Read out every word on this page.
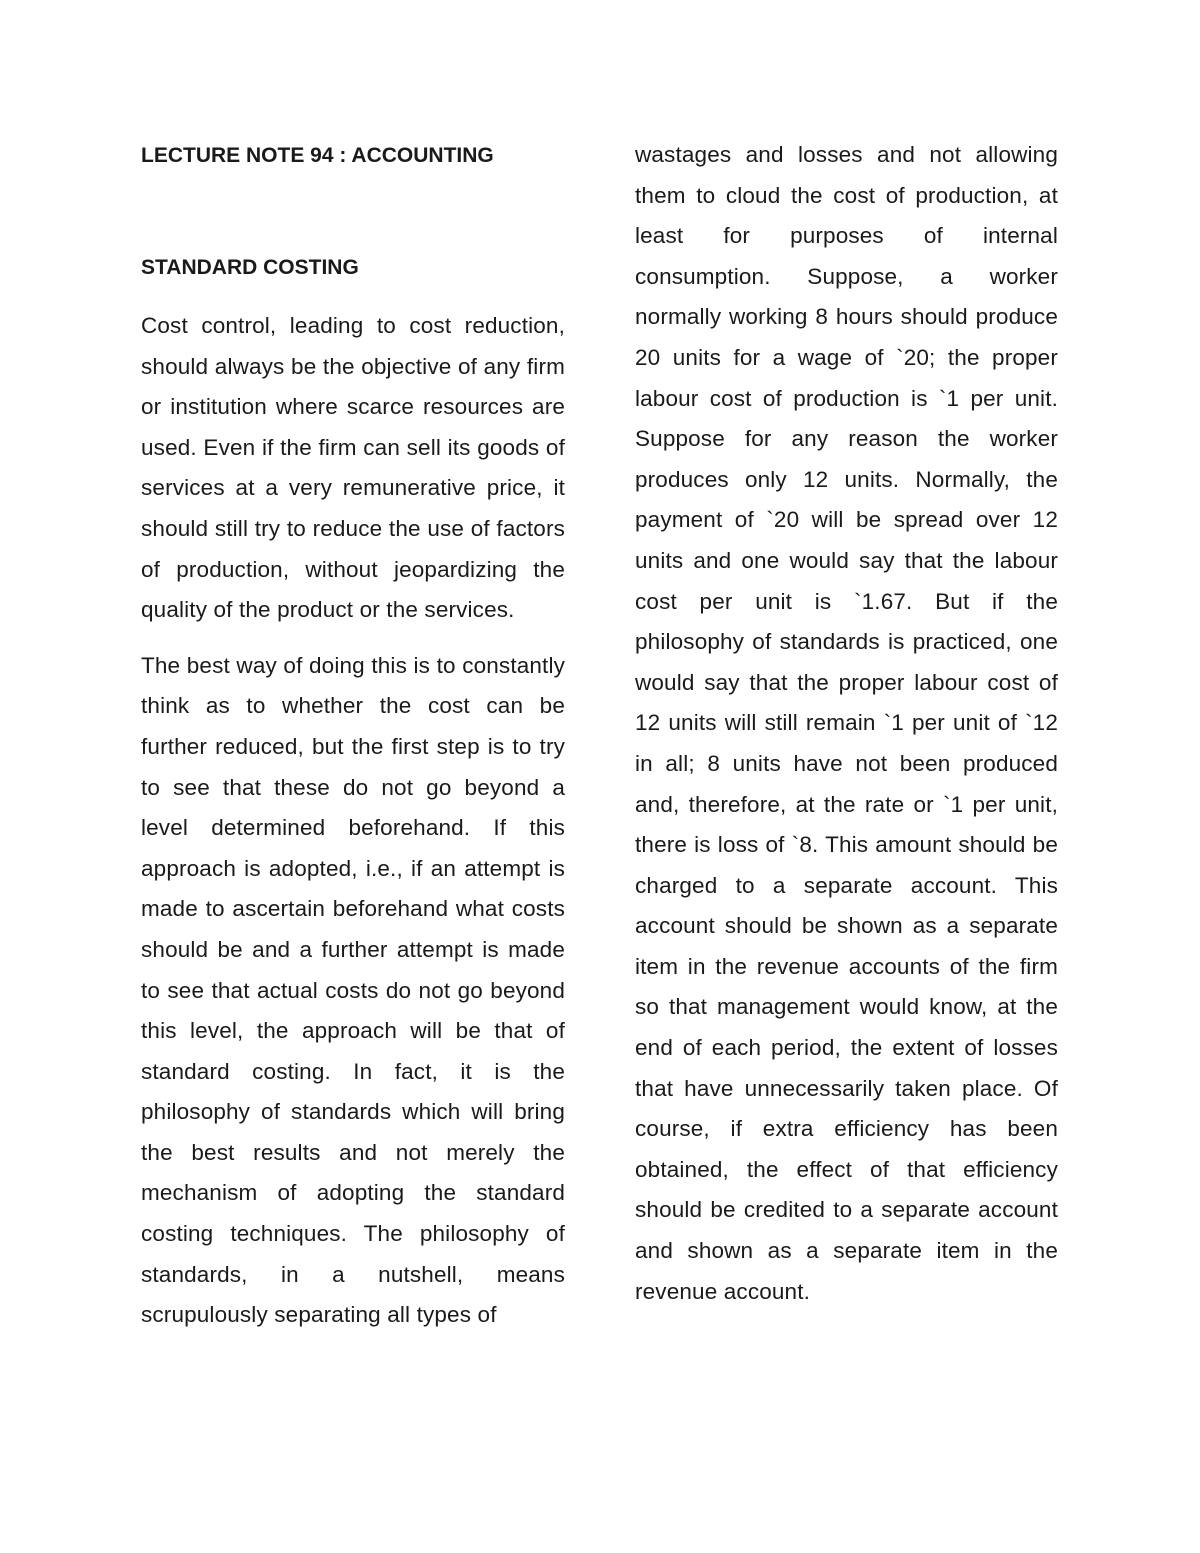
LECTURE NOTE 94 : ACCOUNTING
STANDARD COSTING

Cost control, leading to cost reduction, should always be the objective of any firm or institution where scarce resources are used. Even if the firm can sell its goods of services at a very remunerative price, it should still try to reduce the use of factors of production, without jeopardizing the quality of the product or the services.

The best way of doing this is to constantly think as to whether the cost can be further reduced, but the first step is to try to see that these do not go beyond a level determined beforehand. If this approach is adopted, i.e., if an attempt is made to ascertain beforehand what costs should be and a further attempt is made to see that actual costs do not go beyond this level, the approach will be that of standard costing. In fact, it is the philosophy of standards which will bring the best results and not merely the mechanism of adopting the standard costing techniques. The philosophy of standards, in a nutshell, means scrupulously separating all types of

wastages and losses and not allowing them to cloud the cost of production, at least for purposes of internal consumption. Suppose, a worker normally working 8 hours should produce 20 units for a wage of `20; the proper labour cost of production is `1 per unit. Suppose for any reason the worker produces only 12 units. Normally, the payment of `20 will be spread over 12 units and one would say that the labour cost per unit is `1.67. But if the philosophy of standards is practiced, one would say that the proper labour cost of 12 units will still remain `1 per unit of `12 in all; 8 units have not been produced and, therefore, at the rate or `1 per unit, there is loss of `8. This amount should be charged to a separate account. This account should be shown as a separate item in the revenue accounts of the firm so that management would know, at the end of each period, the extent of losses that have unnecessarily taken place. Of course, if extra efficiency has been obtained, the effect of that efficiency should be credited to a separate account and shown as a separate item in the revenue account.
